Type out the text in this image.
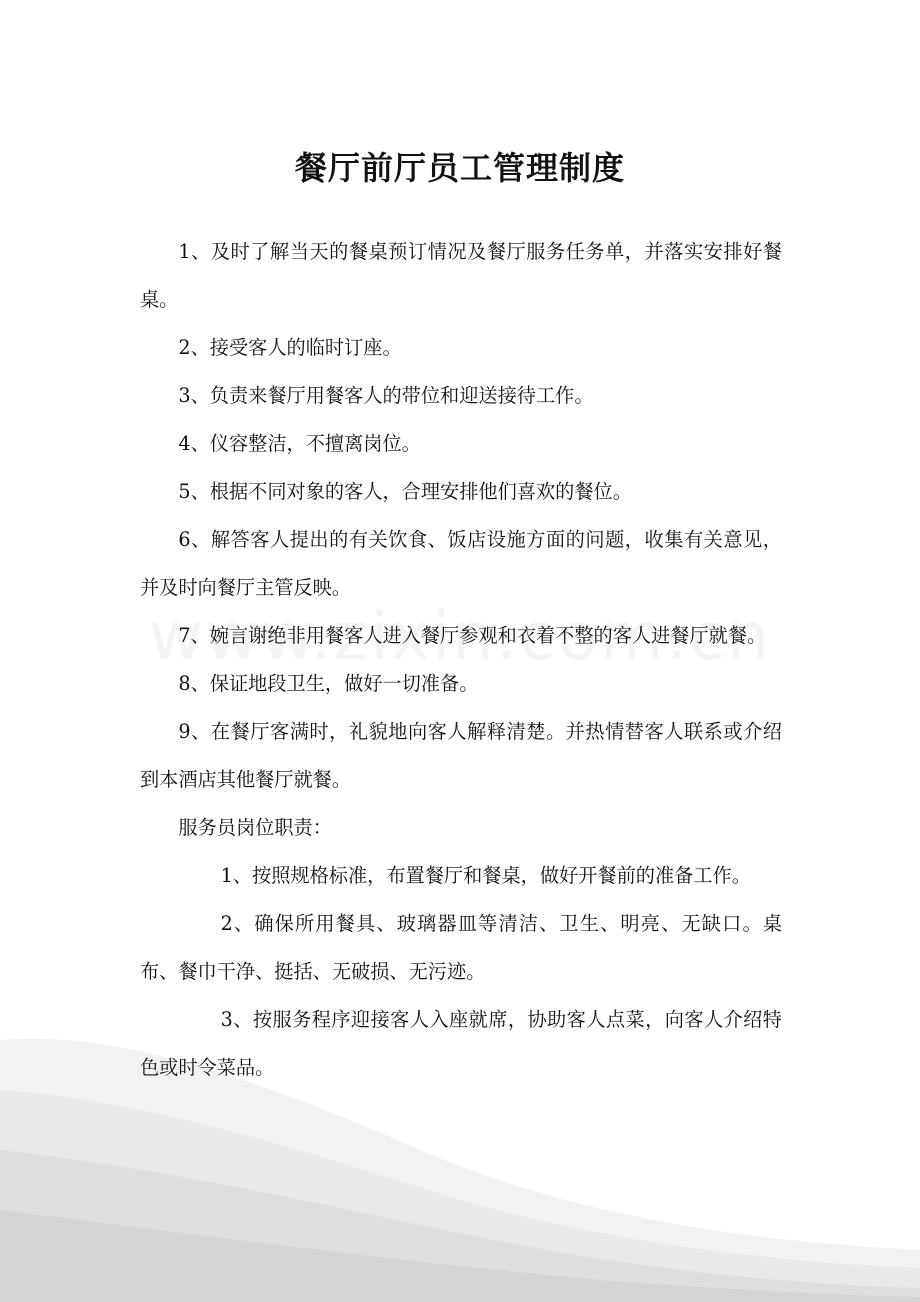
餐厅前厅员工管理制度

1、及时了解当天的餐桌预订情况及餐厅服务任务单，并落实安排好餐桌。

2、接受客人的临时订座。

3、负责来餐厅用餐客人的带位和迎送接待工作。

4、仪容整洁，不擅离岗位。

5、根据不同对象的客人，合理安排他们喜欢的餐位。

6、解答客人提出的有关饮食、饭店设施方面的问题，收集有关意见，并及时向餐厅主管反映。

7、婉言谢绝非用餐客人进入餐厅参观和衣着不整的客人进餐厅就餐。

8、保证地段卫生，做好一切准备。

9、在餐厅客满时，礼貌地向客人解释清楚。并热情替客人联系或介绍到本酒店其他餐厅就餐。

服务员岗位职责：

1、按照规格标准，布置餐厅和餐桌，做好开餐前的准备工作。

2、确保所用餐具、玻璃器皿等清洁、卫生、明亮、无缺口。桌布、餐巾干净、挺括、无破损、无污迹。

3、按服务程序迎接客人入座就席，协助客人点菜，向客人介绍特色或时令菜品。
